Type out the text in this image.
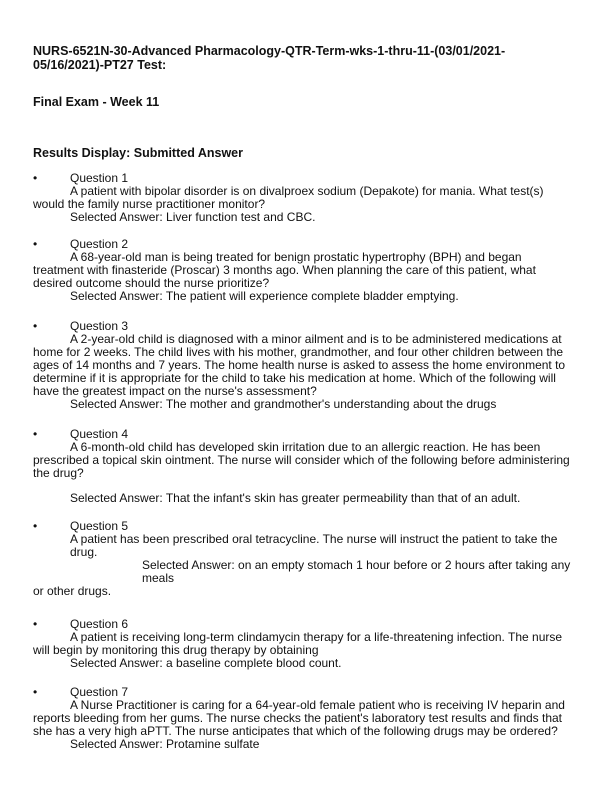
NURS-6521N-30-Advanced Pharmacology-QTR-Term-wks-1-thru-11-(03/01/2021-05/16/2021)-PT27 Test:

Final Exam - Week 11

Results Display: Submitted Answer

•	Question 1

A patient with bipolar disorder is on divalproex sodium (Depakote) for mania. What test(s) would the family nurse practitioner monitor?

Selected Answer: Liver function test and CBC.

•	Question 2

A 68-year-old man is being treated for benign prostatic hypertrophy (BPH) and began treatment with finasteride (Proscar) 3 months ago. When planning the care of this patient, what desired outcome should the nurse prioritize?

Selected Answer: The patient will experience complete bladder emptying.

•	Question 3

A 2-year-old child is diagnosed with a minor ailment and is to be administered medications at home for 2 weeks. The child lives with his mother, grandmother, and four other children between the ages of 14 months and 7 years. The home health nurse is asked to assess the home environment to determine if it is appropriate for the child to take his medication at home. Which of the following will have the greatest impact on the nurse's assessment?

Selected Answer: The mother and grandmother's understanding about the drugs

•	Question 4

A 6-month-old child has developed skin irritation due to an allergic reaction. He has been prescribed a topical skin ointment. The nurse will consider which of the following before administering the drug?

Selected Answer: That the infant's skin has greater permeability than that of an adult.

•	Question 5

A patient has been prescribed oral tetracycline. The nurse will instruct the patient to take the drug.

Selected Answer: on an empty stomach 1 hour before or 2 hours after taking any meals

or other drugs.

•	Question 6

A patient is receiving long-term clindamycin therapy for a life-threatening infection. The nurse will begin by monitoring this drug therapy by obtaining

Selected Answer: a baseline complete blood count.

•	Question 7

A Nurse Practitioner is caring for a 64-year-old female patient who is receiving IV heparin and reports bleeding from her gums. The nurse checks the patient's laboratory test results and finds that she has a very high aPTT. The nurse anticipates that which of the following drugs may be ordered?

Selected Answer: Protamine sulfate
